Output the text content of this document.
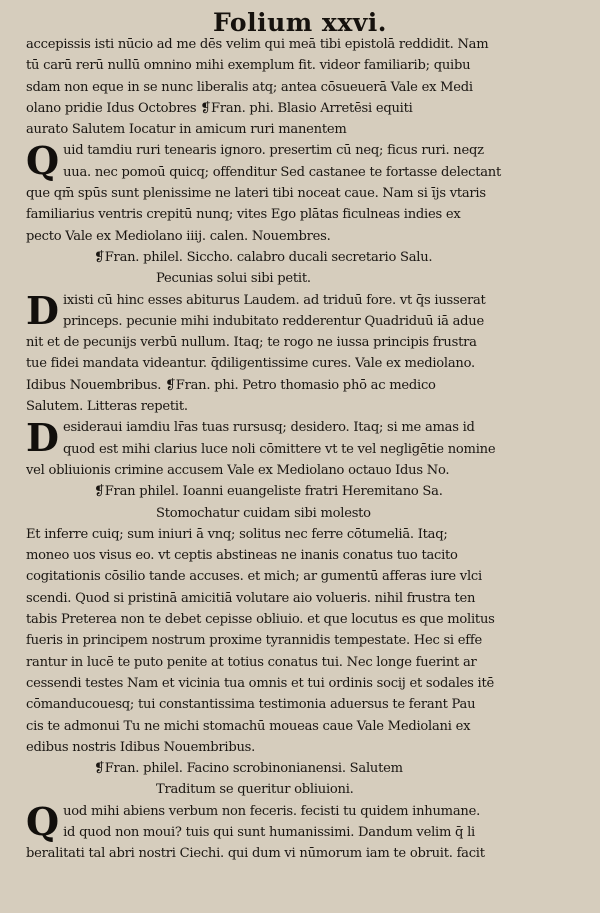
Folium xxvi.
accepissis isti nūcio ad me dēs velim qui meā tibi epistolā reddidit. Nam
tū carū rerū nullū omnino mihi exemplum fit. videor familiarib; quibu
sdam non eque in se nunc liberalis atq; antea cōsueuerā Vale ex Medi
olano pridie Idus Octobres ❡Fran. phi. Blasio Arretēsi equiti
aurato Salutem Iocatur in amicum ruri manentem
Q uid tamdiu ruri tenearis ignoro. presertim cū neq; ficus ruri. neqz
uua. nec pomoū quicq; offenditur Sed castanee te fortasse delectant
que qm̄ spūs sunt plenissime ne lateri tibi noceat caue. Nam si ījs vtaris
familiarius ventris crepitū nunq; vites Ego plātas ficulneas indies ex
pecto Vale ex Mediolano iiij. calen. Nouembres.
❡Fran. philel. Siccho. calabro ducali secretario Salu.
Pecunias solui sibi petit.
D ixisti cū hinc esses abiturus Laudem. ad triduū fore. vt q̄s iusserat
princeps. pecunie mihi indubitato redderentur Quadriduū iā adue
nit et de pecunijs verbū nullum. Itaq; te rogo ne iussa principis frustra
tue fidei mandata videantur. q̄diligentissime cures. Vale ex mediolano.
Idibus Nouembribus. ❡Fran. phi. Petro thomasio phō ac medico
Salutem. Litteras repetit.
D esideraui iamdiu lr̄as tuas rursusq; desidero. Itaq; si me amas id
quod est mihi clarius luce noli cōmittere vt te vel negligētie nomine
vel obliuionis crimine accusem Vale ex Mediolano octauo Idus No.
❡Fran philel. Ioanni euangeliste fratri Heremitano Sa.
Stomochatur cuidam sibi molesto
Et inferre cuiq; sum iniuri ā vnq; solitus nec ferre cōtumeliā. Itaq;
moneo uos visus eo. vt ceptis abstineas ne inanis conatus tuo tacito
cogitationis cōsilio tande accuses. et mich; ar gumentū afferas iure vlci
scendi. Quod si pristinā amicitiā volutare aio volueris. nihil frustra ten
tabis Preterea non te debet cepisse obliuio. et que locutus es que molitus
fueris in principem nostrum proxime tyrannidis tempestate. Hec si effe
rantur in lucē te puto penite at totius conatus tui. Nec longe fuerint ar
cessendi testes Nam et vicinia tua omnis et tui ordinis socij et sodales itē
cōmanducouesq; tui constantissima testimonia aduersus te ferant Pau
cis te admonui Tu ne michi stomachū moueas caue Vale Mediolani ex
edibus nostris Idibus Nouembribus.
❡Fran. philel. Facino scrobinonianensi. Salutem
Traditum se queritur obliuioni.
Q uod mihi abiens verbum non feceris. fecisti tu quidem inhumane.
id quod non moui? tuis qui sunt humanissimi. Dandum velim q̄ li
beralitati tal abri nostri Ciechi. qui dum vi nūmorum iam te obruit. facit
